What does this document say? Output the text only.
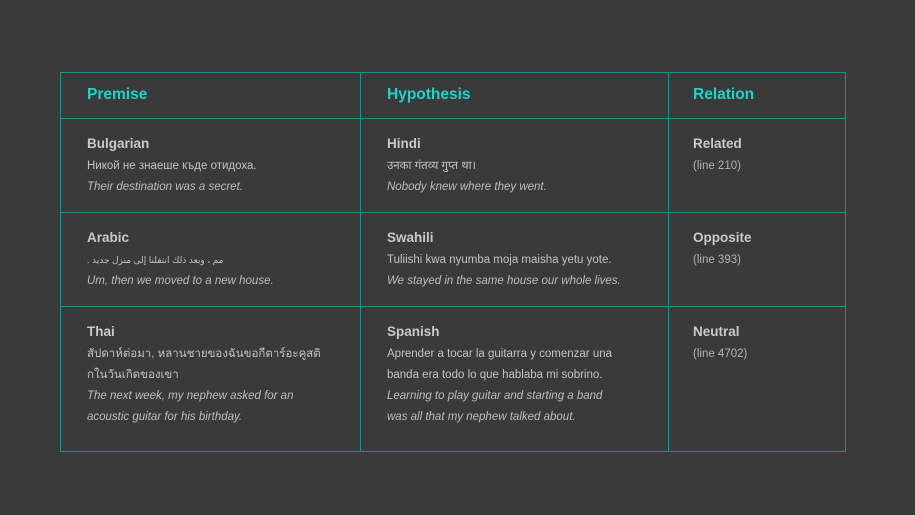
Premise	Hypothesis	Relation
Bulgarian
Никой не знаеше къде отидоха.
Their destination was a secret.
Hindi
उनका गंतव्य गुप्त था।
Nobody knew where they went.
Related
(line 210)
Arabic
مم ، وبعد ذلك انتقلنا إلى منزل جديد .
Um, then we moved to a new house.
Swahili
Tuliishi kwa nyumba moja maisha yetu yote.
We stayed in the same house our whole lives.
Opposite
(line 393)
Thai
สัปดาห์ต่อมา, หลานชายของฉันขอกีตาร์อะคูสติ
กในวันเกิดของเขา
The next week, my nephew asked for an
acoustic guitar for his birthday.
Spanish
Aprender a tocar la guitarra y comenzar una
banda era todo lo que hablaba mi sobrino.
Learning to play guitar and starting a band
was all that my nephew talked about.
Neutral
(line 4702)
